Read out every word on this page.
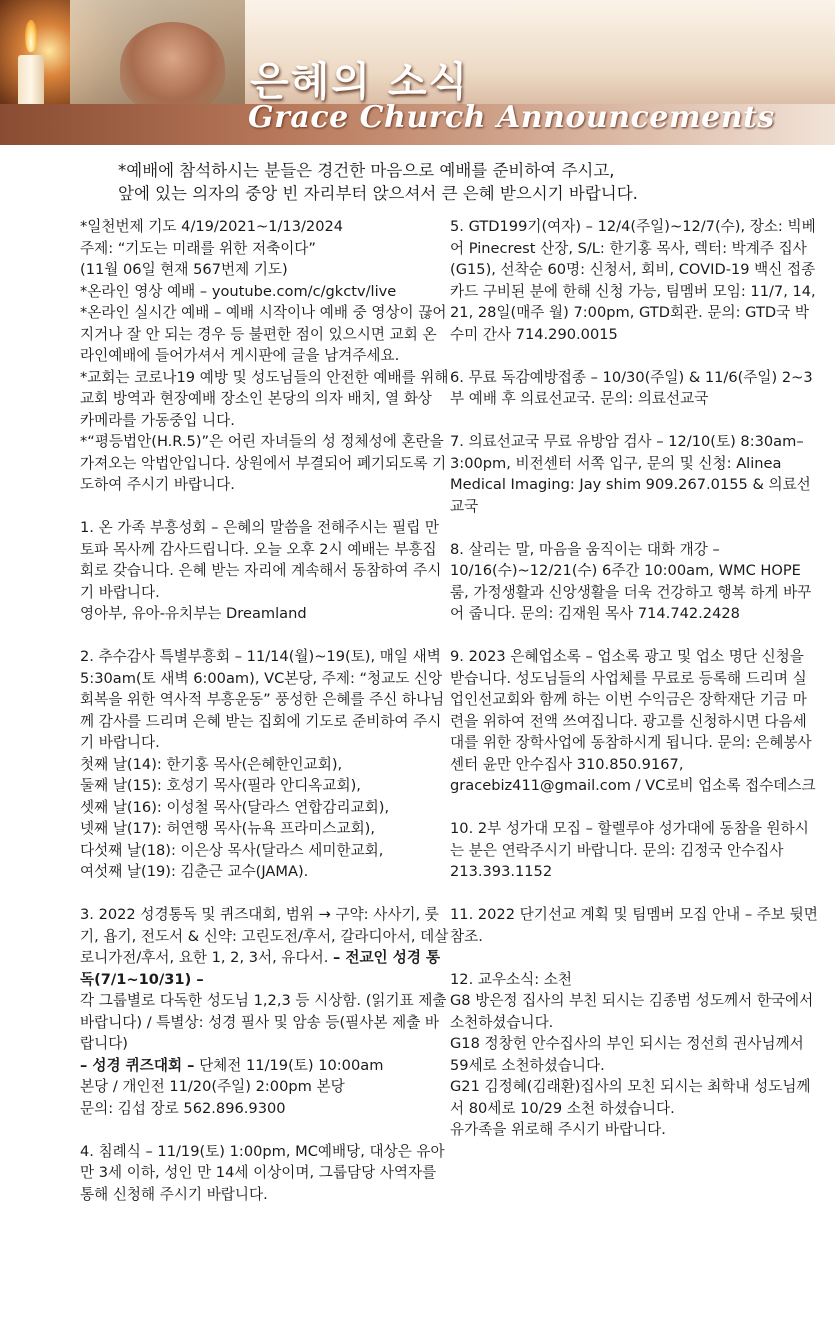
은혜의 소식
Grace Church Announcements

*예배에 참석하시는 분들은 경건한 마음으로 예배를 준비하여 주시고,

앞에 있는 의자의 중앙 빈 자리부터 앉으셔서 큰 은혜 받으시기 바랍니다.

*일천번제 기도 4/19/2021~1/13/2024

주제: “기도는 미래를 위한 저축이다”

(11월 06일 현재 567번제 기도)

*온라인 영상 예배 – youtube.com/c/gkctv/live

*온라인 실시간 예배 – 예배 시작이나 예배 중 영상이 끊어지거나 잘 안 되는 경우 등 불편한 점이 있으시면 교회 온라인예배에 들어가셔서 게시판에 글을 남겨주세요.

*교회는 코로나19 예방 및 성도님들의 안전한 예배를 위해 교회 방역과 현장예배 장소인 본당의 의자 배치, 열 화상 카메라를 가동중입 니다.

*“평등법안(H.R.5)”은 어린 자녀들의 성 정체성에 혼란을 가져오는 악법안입니다. 상원에서 부결되어 폐기되도록 기도하여 주시기 바랍니다.

1. 온 가족 부흥성회 – 은혜의 말씀을 전해주시는 필립 만토파 목사께 감사드립니다. 오늘 오후 2시 예배는 부흥집회로 갖습니다. 은혜 받는 자리에 계속해서 동참하여 주시기 바랍니다.

영아부, 유아-유치부는 Dreamland

2. 추수감사 특별부흥회 – 11/14(월)~19(토), 매일 새벽 5:30am(토 새벽 6:00am), VC본당, 주제: “청교도 신앙회복을 위한 역사적 부흥운동” 풍성한 은혜를 주신 하나님께 감사를 드리며 은혜 받는 집회에 기도로 준비하여 주시기 바랍니다.

첫째 날(14): 한기홍 목사(은혜한인교회),

둘째 날(15): 호성기 목사(필라 안디옥교회),

셋째 날(16): 이성철 목사(달라스 연합감리교회),

넷째 날(17): 허연행 목사(뉴욕 프라미스교회),

다섯째 날(18): 이은상 목사(달라스 세미한교회,

여섯째 날(19): 김춘근 교수(JAMA).

3. 2022 성경통독 및 퀴즈대회, 범위 → 구약: 사사기, 룻기, 욥기, 전도서 & 신약: 고린도전/후서, 갈라디아서, 데살로니가전/후서, 요한 1, 2, 3서, 유다서. – 전교인 성경 통독(7/1~10/31) –

각 그룹별로 다독한 성도님 1,2,3 등 시상함. (읽기표 제출 바랍니다) / 특별상: 성경 필사 및 암송 등(필사본 제출 바랍니다)

– 성경 퀴즈대회 – 단체전 11/19(토) 10:00am

본당 / 개인전 11/20(주일) 2:00pm 본당

문의: 김섭 장로 562.896.9300

4. 침례식 – 11/19(토) 1:00pm, MC예배당, 대상은 유아 만 3세 이하, 성인 만 14세 이상이며, 그룹담당 사역자를 통해 신청해 주시기 바랍니다.

5. GTD199기(여자) – 12/4(주일)~12/7(수), 장소: 빅베어 Pinecrest 산장, S/L: 한기홍 목사, 렉터: 박계주 집사(G15), 선착순 60명: 신청서, 회비, COVID-19 백신 접종카드 구비된 분에 한해 신청 가능, 팀멤버 모임: 11/7, 14, 21, 28일(매주 월) 7:00pm, GTD회관. 문의: GTD국 박수미 간사 714.290.0015

6. 무료 독감예방접종 – 10/30(주일) & 11/6(주일) 2~3부 예배 후 의료선교국. 문의: 의료선교국

7. 의료선교국 무료 유방암 검사 – 12/10(토) 8:30am–3:00pm, 비전센터 서쪽 입구, 문의 및 신청: Alinea Medical Imaging: Jay shim 909.267.0155 & 의료선교국

8. 살리는 말, 마음을 움직이는 대화 개강 – 10/16(수)~12/21(수) 6주간 10:00am, WMC HOPE 룸, 가정생활과 신앙생활을 더욱 건강하고 행복 하게 바꾸어 줍니다. 문의: 김재원 목사 714.742.2428

9. 2023 은혜업소록 – 업소록 광고 및 업소 명단 신청을 받습니다. 성도님들의 사업체를 무료로 등록해 드리며 실업인선교회와 함께 하는 이번 수익금은 장학재단 기금 마련을 위하여 전액 쓰여집니다. 광고를 신청하시면 다음세대를 위한 장학사업에 동참하시게 됩니다. 문의: 은혜봉사센터 윤만 안수집사 310.850.9167, gracebiz411@gmail.com / VC로비 업소록 접수데스크

10. 2부 성가대 모집 – 할렐루야 성가대에 동참을 원하시는 분은 연락주시기 바랍니다. 문의: 김정국 안수집사 213.393.1152

11. 2022 단기선교 계획 및 팀멤버 모집 안내 – 주보 뒷면 참조.

12. 교우소식: 소천

G8 방은정 집사의 부친 되시는 김종범 성도께서 한국에서 소천하셨습니다.

G18 정창헌 안수집사의 부인 되시는 정선희 권사님께서 59세로 소천하셨습니다.

G21 김정혜(김래환)집사의 모친 되시는 최학내 성도님께서 80세로 10/29 소천 하셨습니다.

유가족을 위로해 주시기 바랍니다.
